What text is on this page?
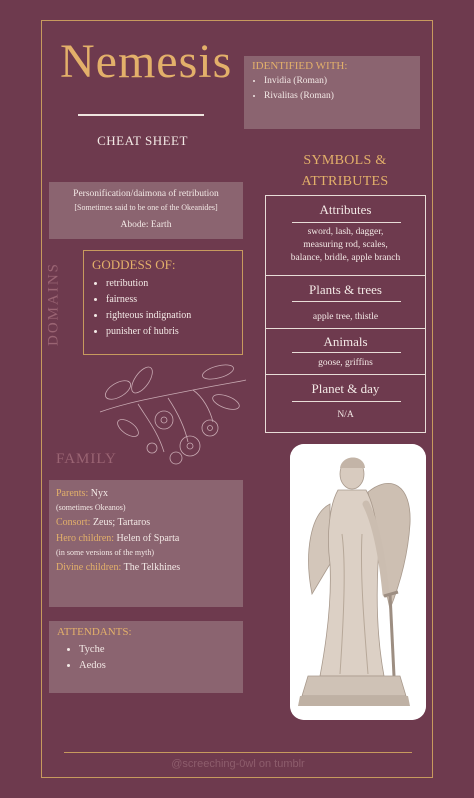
Nemesis
CHEAT SHEET
IDENTIFIED WITH:
• Invidia (Roman)
• Rivalitas (Roman)
SYMBOLS &
ATTRIBUTES
Personification/daimona of retribution
[Sometimes said to be one of the Okeanides]
Abode: Earth
DOMAINS GODDESS OF:
• retribution
• fairness
• righteous indignation
• punisher of hubris
Attributes
sword, lash, dagger,
measuring rod, scales,
balance, bridle, apple branch
Plants & trees
apple tree, thistle
Animals
goose, griffins
Planet & day
N/A
FAMILY
Parents: Nyx
(sometimes Okeanos)
Consort: Zeus; Tartaros
Hero children: Helen of Sparta
(in some versions of the myth)
Divine children: The Telkhines
ATTENDANTS:
• Tyche
• Aedos
@screeching-0wl on tumblr
